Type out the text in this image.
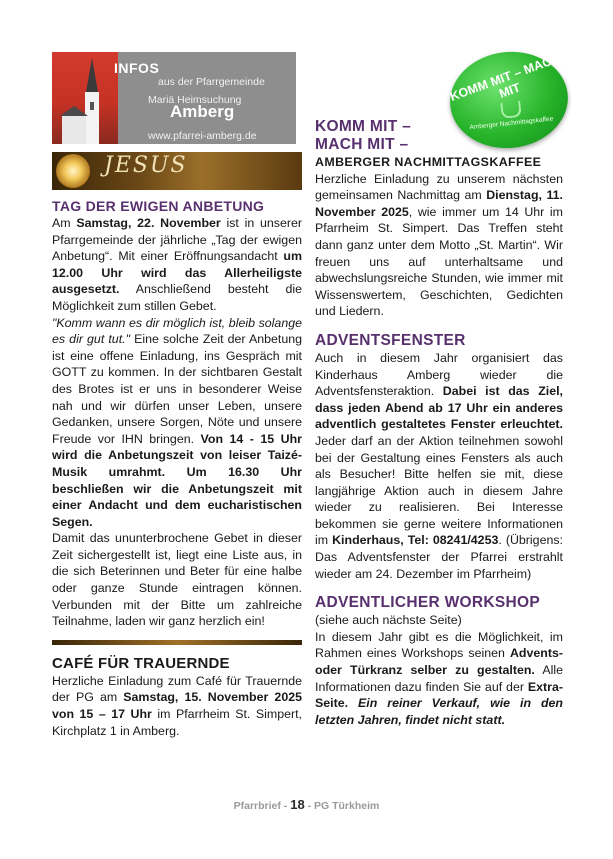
INFOS
aus der Pfarrgemeinde
Mariä Heimsuchung
Amberg
www.pfarrei-amberg.de
JESUS
TAG DER EWIGEN ANBETUNG

Am Samstag, 22. November ist in unserer Pfarrgemeinde der jährliche „Tag der ewigen Anbetung“. Mit einer Eröffnungsandacht um 12.00 Uhr wird das Allerheiligste ausgesetzt. Anschließend besteht die Möglichkeit zum stillen Gebet.

"Komm wann es dir möglich ist, bleib solange es dir gut tut." Eine solche Zeit der Anbetung ist eine offene Einladung, ins Gespräch mit GOTT zu kommen. In der sichtbaren Gestalt des Brotes ist er uns in besonderer Weise nah und wir dürfen unser Leben, unsere Gedanken, unsere Sorgen, Nöte und unsere Freude vor IHN bringen. Von 14 - 15 Uhr wird die Anbetungszeit von leiser Taizé-Musik umrahmt. Um 16.30 Uhr beschließen wir die Anbetungszeit mit einer Andacht und dem eucharistischen Segen.

Damit das ununterbrochene Gebet in dieser Zeit sichergestellt ist, liegt eine Liste aus, in die sich Beterinnen und Beter für eine halbe oder ganze Stunde eintragen können. Verbunden mit der Bitte um zahlreiche Teilnahme, laden wir ganz herzlich ein!

CAFÉ FÜR TRAUERNDE

Herzliche Einladung zum Café für Trauernde der PG am Samstag, 15. November 2025 von 15 – 17 Uhr im Pfarrheim St. Simpert, Kirchplatz 1 in Amberg.

KOMM MIT – MACH MIT
Amberger Nachmittagskaffee
KOMM MIT – MACH MIT –
AMBERGER NACHMITTAGSKAFFEE

Herzliche Einladung zu unserem nächsten gemeinsamen Nachmittag am Dienstag, 11. November 2025, wie immer um 14 Uhr im Pfarrheim St. Simpert. Das Treffen steht dann ganz unter dem Motto „St. Martin“. Wir freuen uns auf unterhaltsame und abwechslungsreiche Stunden, wie immer mit Wissenswertem, Geschichten, Gedichten und Liedern.

ADVENTSFENSTER

Auch in diesem Jahr organisiert das Kinderhaus Amberg wieder die Adventsfensteraktion. Dabei ist das Ziel, dass jeden Abend ab 17 Uhr ein anderes adventlich gestaltetes Fenster erleuchtet. Jeder darf an der Aktion teilnehmen sowohl bei der Gestaltung eines Fensters als auch als Besucher! Bitte helfen sie mit, diese langjährige Aktion auch in diesem Jahre wieder zu realisieren. Bei Interesse bekommen sie gerne weitere Informationen im Kinderhaus, Tel: 08241/4253. (Übrigens: Das Adventsfenster der Pfarrei erstrahlt wieder am 24. Dezember im Pfarrheim)

ADVENTLICHER WORKSHOP

(siehe auch nächste Seite)

In diesem Jahr gibt es die Möglichkeit, im Rahmen eines Workshops seinen Advents- oder Türkranz selber zu gestalten. Alle Informationen dazu finden Sie auf der Extra-Seite. Ein reiner Verkauf, wie in den letzten Jahren, findet nicht statt.

Pfarrbrief - 18 - PG Türkheim
